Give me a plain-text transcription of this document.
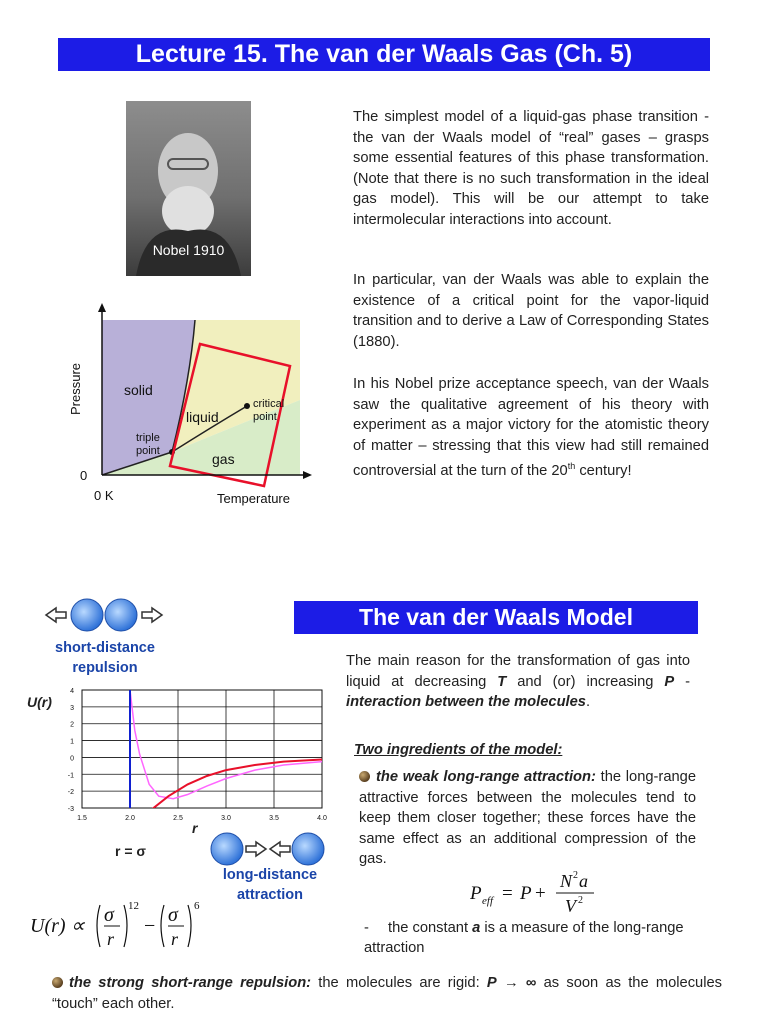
Lecture 15. The van der Waals Gas (Ch. 5)
Nobel 1910
The simplest model of a liquid-gas phase transition - the van der Waals model of “real” gases – grasps some essential features of this phase transformation. (Note that there is no such transformation in the ideal gas model). This will be our attempt to take intermolecular interactions into account.
In particular, van der Waals was able to explain the existence of a critical point for the vapor-liquid transition and to derive a Law of Corresponding States (1880).
In his Nobel prize acceptance speech, van der Waals saw the qualitative agreement of his theory with experiment as a major victory for the atomistic theory of matter – stressing that this view had still remained controversial at the turn of the 20th century!
Pressure
Temperature
0
0 K
solid
liquid
gas
triple
point
critical
point
The van der Waals Model
short-distance
repulsion
U(r)
4
3
2
1
0
-1
-2
-3
1.5	2.0	2.5	3.0	3.5	4.0
r
r = σ
long-distance
attraction
U(r) ∝ σ
r
12
− σ
r
6
The main reason for the transformation of gas into liquid at decreasing T and (or) increasing P - interaction between the molecules.
Two ingredients of the model:
the weak long-range attraction: the long-range attractive forces between the molecules tend to keep them closer together; these forces have the same effect as an additional compression of the gas.
P eff = P +
N 2 a
V 2
- the constant a is a measure of the long-range attraction
the strong short-range repulsion: the molecules are rigid: P → ∞ as soon as the molecules “touch” each other.
